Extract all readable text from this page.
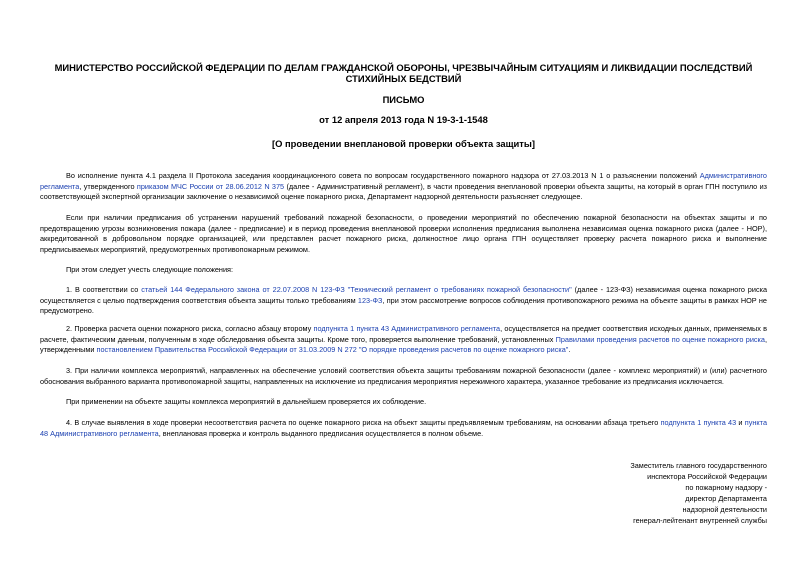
МИНИСТЕРСТВО РОССИЙСКОЙ ФЕДЕРАЦИИ ПО ДЕЛАМ ГРАЖДАНСКОЙ ОБОРОНЫ, ЧРЕЗВЫЧАЙНЫМ СИТУАЦИЯМ И ЛИКВИДАЦИИ ПОСЛЕДСТВИЙ СТИХИЙНЫХ БЕДСТВИЙ
ПИСЬМО
от 12 апреля 2013 года N 19-3-1-1548
[О проведении внеплановой проверки объекта защиты]
Во исполнение пункта 4.1 раздела II Протокола заседания координационного совета по вопросам государственного пожарного надзора от 27.03.2013 N 1 о разъяснении положений Административного регламента, утвержденного приказом МЧС России от 28.06.2012 N 375 (далее - Административный регламент), в части проведения внеплановой проверки объекта защиты, на который в орган ГПН поступило из соответствующей экспертной организации заключение о независимой оценке пожарного риска, Департамент надзорной деятельности разъясняет следующее.
Если при наличии предписания об устранении нарушений требований пожарной безопасности, о проведении мероприятий по обеспечению пожарной безопасности на объектах защиты и по предотвращению угрозы возникновения пожара (далее - предписание) и в период проведения внеплановой проверки исполнения предписания выполнена независимая оценка пожарного риска (далее - НОР), аккредитованной в добровольном порядке организацией, или представлен расчет пожарного риска, должностное лицо органа ГПН осуществляет проверку расчета пожарного риска и выполнение предписываемых мероприятий, предусмотренных противопожарным режимом.
При этом следует учесть следующие положения:
1. В соответствии со статьей 144 Федерального закона от 22.07.2008 N 123-ФЗ "Технический регламент о требованиях пожарной безопасности" (далее - 123-ФЗ) независимая оценка пожарного риска осуществляется с целью подтверждения соответствия объекта защиты только требованиям 123-ФЗ, при этом рассмотрение вопросов соблюдения противопожарного режима на объекте защиты в рамках НОР не предусмотрено.
2. Проверка расчета оценки пожарного риска, согласно абзацу второму подпункта 1 пункта 43 Административного регламента, осуществляется на предмет соответствия исходных данных, применяемых в расчете, фактическим данным, полученным в ходе обследования объекта защиты. Кроме того, проверяется выполнение требований, установленных Правилами проведения расчетов по оценке пожарного риска, утвержденными постановлением Правительства Российской Федерации от 31.03.2009 N 272 "О порядке проведения расчетов по оценке пожарного риска".
3. При наличии комплекса мероприятий, направленных на обеспечение условий соответствия объекта защиты требованиям пожарной безопасности (далее - комплекс мероприятий) и (или) расчетного обоснования выбранного варианта противопожарной защиты, направленных на исключение из предписания мероприятия нережимного характера, указанное требование из предписания исключается.
При применении на объекте защиты комплекса мероприятий в дальнейшем проверяется их соблюдение.
4. В случае выявления в ходе проверки несоответствия расчета по оценке пожарного риска на объект защиты предъявляемым требованиям, на основании абзаца третьего подпункта 1 пункта 43 и пункта 48 Административного регламента, внеплановая проверка и контроль выданного предписания осуществляется в полном объеме.
Заместитель главного государственного
инспектора Российской Федерации
по пожарному надзору -
директор Департамента
надзорной деятельности
генерал-лейтенант внутренней службы
